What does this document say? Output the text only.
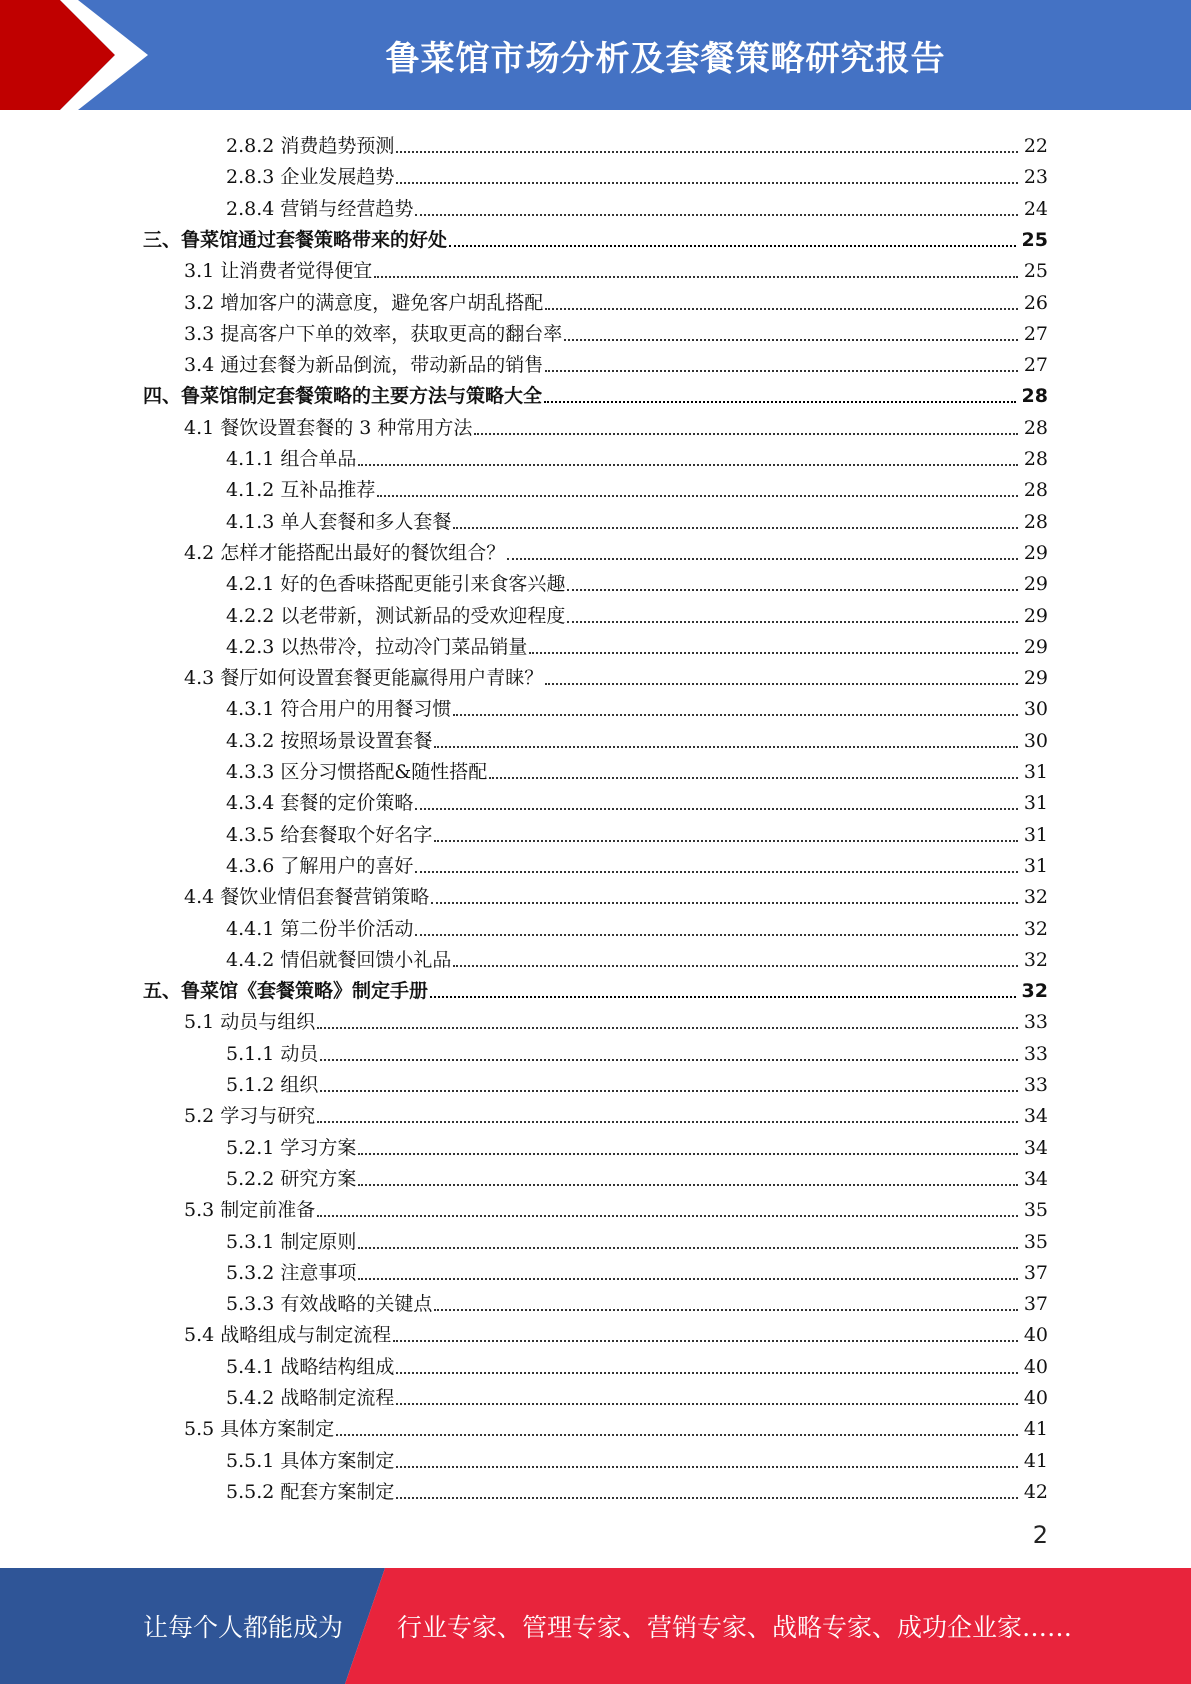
鲁菜馆市场分析及套餐策略研究报告
2.8.2 消费趋势预测	22
2.8.3 企业发展趋势	23
2.8.4 营销与经营趋势	24
三、鲁菜馆通过套餐策略带来的好处	25
3.1 让消费者觉得便宜	25
3.2 增加客户的满意度，避免客户胡乱搭配	26
3.3 提高客户下单的效率，获取更高的翻台率	27
3.4 通过套餐为新品倒流，带动新品的销售	27
四、鲁菜馆制定套餐策略的主要方法与策略大全	28
4.1 餐饮设置套餐的 3 种常用方法	28
4.1.1 组合单品	28
4.1.2 互补品推荐	28
4.1.3 单人套餐和多人套餐	28
4.2 怎样才能搭配出最好的餐饮组合？	29
4.2.1 好的色香味搭配更能引来食客兴趣	29
4.2.2 以老带新，测试新品的受欢迎程度	29
4.2.3 以热带冷，拉动冷门菜品销量	29
4.3 餐厅如何设置套餐更能赢得用户青睐？	29
4.3.1 符合用户的用餐习惯	30
4.3.2 按照场景设置套餐	30
4.3.3 区分习惯搭配&随性搭配	31
4.3.4 套餐的定价策略	31
4.3.5 给套餐取个好名字	31
4.3.6 了解用户的喜好	31
4.4 餐饮业情侣套餐营销策略	32
4.4.1 第二份半价活动	32
4.4.2 情侣就餐回馈小礼品	32
五、鲁菜馆《套餐策略》制定手册	32
5.1 动员与组织	33
5.1.1 动员	33
5.1.2 组织	33
5.2 学习与研究	34
5.2.1 学习方案	34
5.2.2 研究方案	34
5.3 制定前准备	35
5.3.1 制定原则	35
5.3.2 注意事项	37
5.3.3 有效战略的关键点	37
5.4 战略组成与制定流程	40
5.4.1 战略结构组成	40
5.4.2 战略制定流程	40
5.5 具体方案制定	41
5.5.1 具体方案制定	41
5.5.2 配套方案制定	42
2
让每个人都能成为 行业专家、管理专家、营销专家、战略专家、成功企业家……
